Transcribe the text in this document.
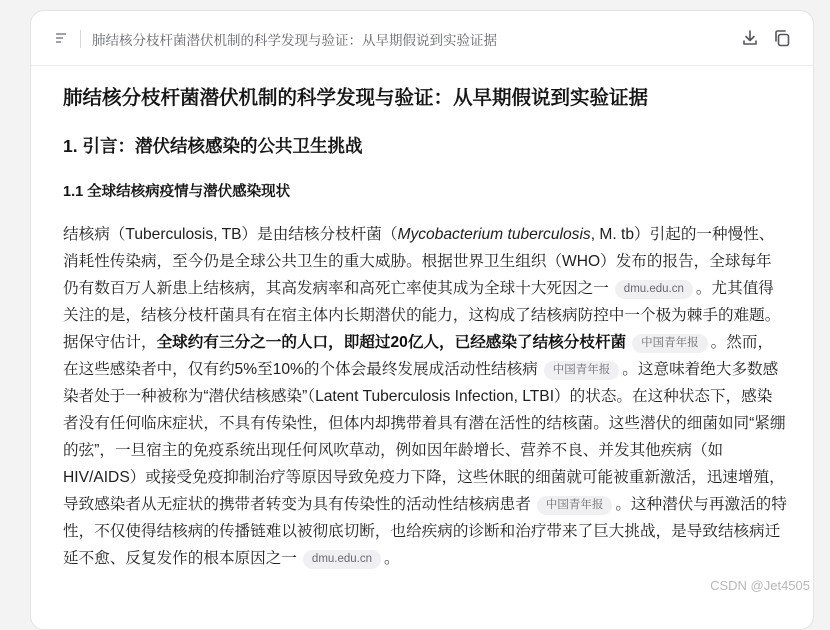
肺结核分枝杆菌潜伏机制的科学发现与验证：从早期假说到实验证据
肺结核分枝杆菌潜伏机制的科学发现与验证：从早期假说到实验证据
1. 引言：潜伏结核感染的公共卫生挑战
1.1 全球结核病疫情与潜伏感染现状

结核病（Tuberculosis, TB）是由结核分枝杆菌（Mycobacterium tuberculosis, M. tb）引起的一种慢性、消耗性传染病，至今仍是全球公共卫生的重大威胁。根据世界卫生组织（WHO）发布的报告，全球每年仍有数百万人新患上结核病，其高发病率和高死亡率使其成为全球十大死因之一 dmu.edu.cn 。尤其值得关注的是，结核分枝杆菌具有在宿主体内长期潜伏的能力，这构成了结核病防控中一个极为棘手的难题。据保守估计，全球约有三分之一的人口，即超过20亿人，已经感染了结核分枝杆菌 中国青年报 。然而，在这些感染者中，仅有约5%至10%的个体会最终发展成活动性结核病 中国青年报 。这意味着绝大多数感染者处于一种被称为“潜伏结核感染”（Latent Tuberculosis Infection, LTBI）的状态。在这种状态下，感染者没有任何临床症状，不具有传染性，但体内却携带着具有潜在活性的结核菌。这些潜伏的细菌如同“紧绷的弦”，一旦宿主的免疫系统出现任何风吹草动，例如因年龄增长、营养不良、并发其他疾病（如HIV/AIDS）或接受免疫抑制治疗等原因导致免疫力下降，这些休眠的细菌就可能被重新激活，迅速增殖，导致感染者从无症状的携带者转变为具有传染性的活动性结核病患者 中国青年报 。这种潜伏与再激活的特性，不仅使得结核病的传播链难以被彻底切断，也给疾病的诊断和治疗带来了巨大挑战，是导致结核病迁延不愈、反复发作的根本原因之一 dmu.edu.cn 。

CSDN @Jet4505
